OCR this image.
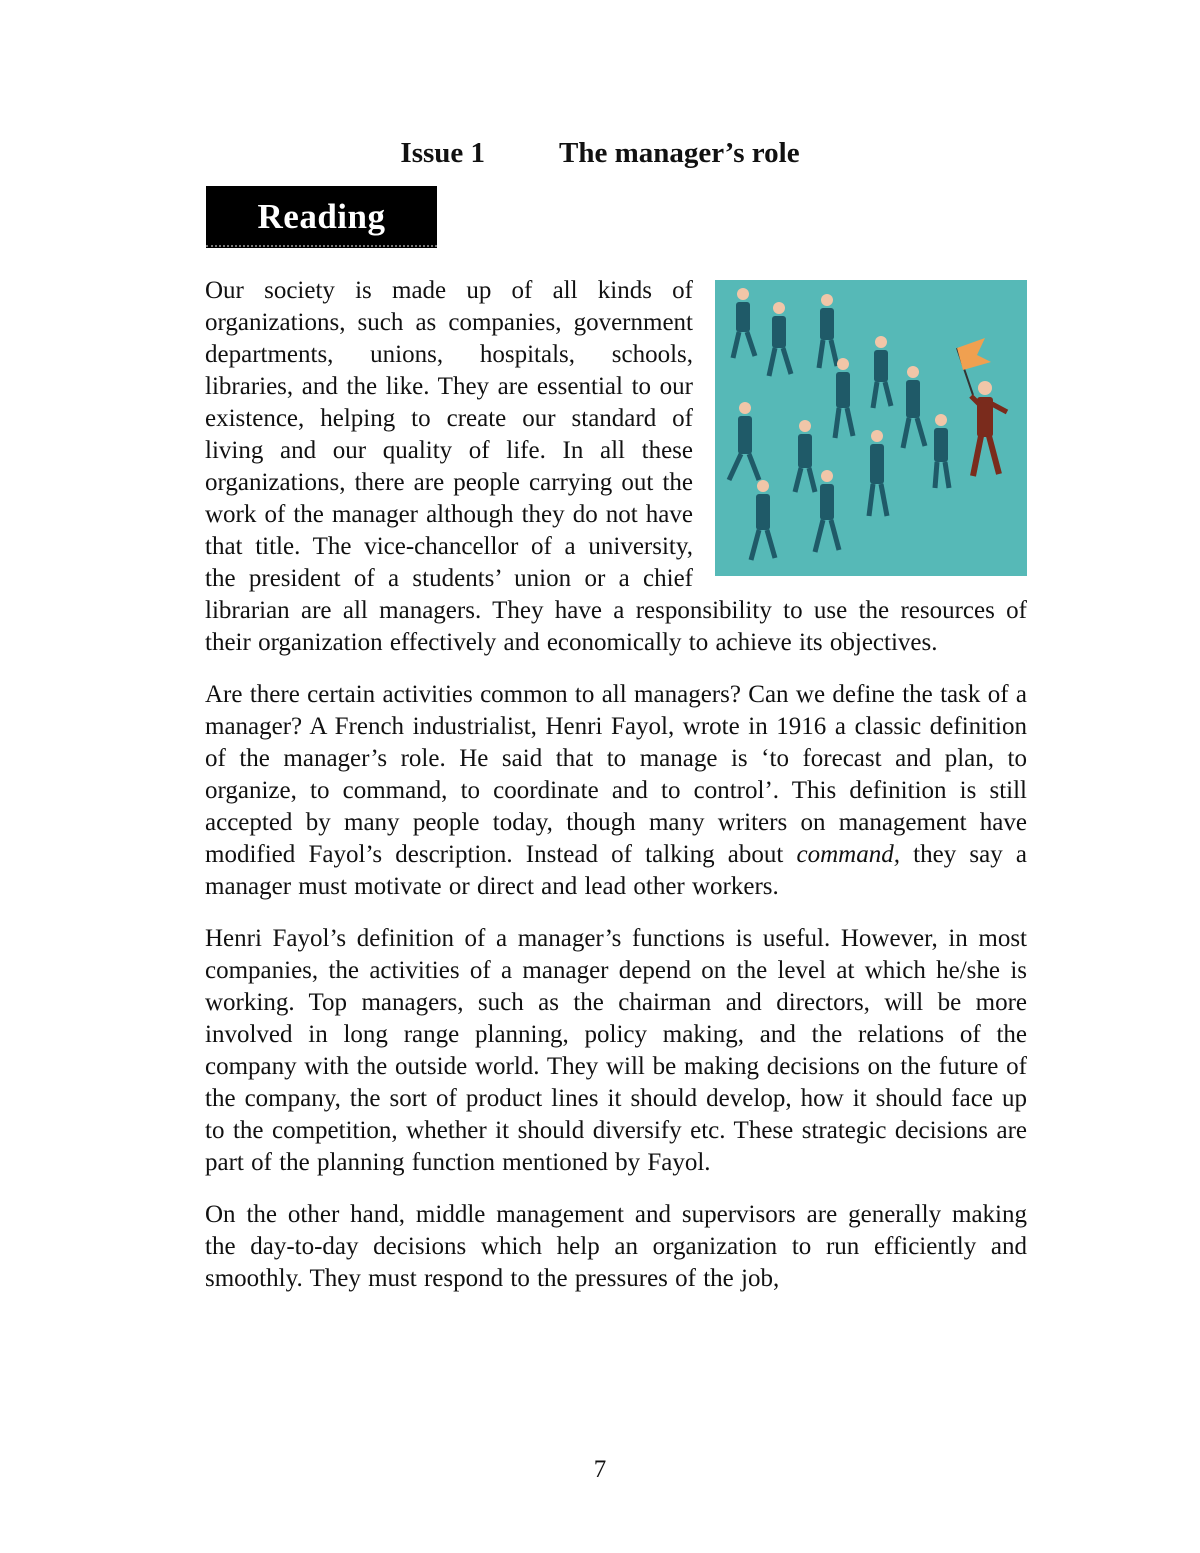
Issue 1	The manager’s role
Reading

Our society is made up of all kinds of organizations, such as companies, government departments, unions, hospitals, schools, libraries, and the like. They are essential to our existence, helping to create our standard of living and our quality of life. In all these organizations, there are people carrying out the work of the manager although they do not have that title. The vice-chancellor of a university, the president of a students’ union or a chief librarian are all managers. They have a responsibility to use the resources of their organization effectively and economically to achieve its objectives.

Are there certain activities common to all managers? Can we define the task of a manager? A French industrialist, Henri Fayol, wrote in 1916 a classic definition of the manager’s role. He said that to manage is ‘to forecast and plan, to organize, to command, to coordinate and to control’. This definition is still accepted by many people today, though many writers on management have modified Fayol’s description. Instead of talking about command, they say a manager must motivate or direct and lead other workers.

Henri Fayol’s definition of a manager’s functions is useful. However, in most companies, the activities of a manager depend on the level at which he/she is working. Top managers, such as the chairman and directors, will be more involved in long range planning, policy making, and the relations of the company with the outside world. They will be making decisions on the future of the company, the sort of product lines it should develop, how it should face up to the competition, whether it should diversify etc. These strategic decisions are part of the planning function mentioned by Fayol.

On the other hand, middle management and supervisors are generally making the day-to-day decisions which help an organization to run efficiently and smoothly. They must respond to the pressures of the job,

7
